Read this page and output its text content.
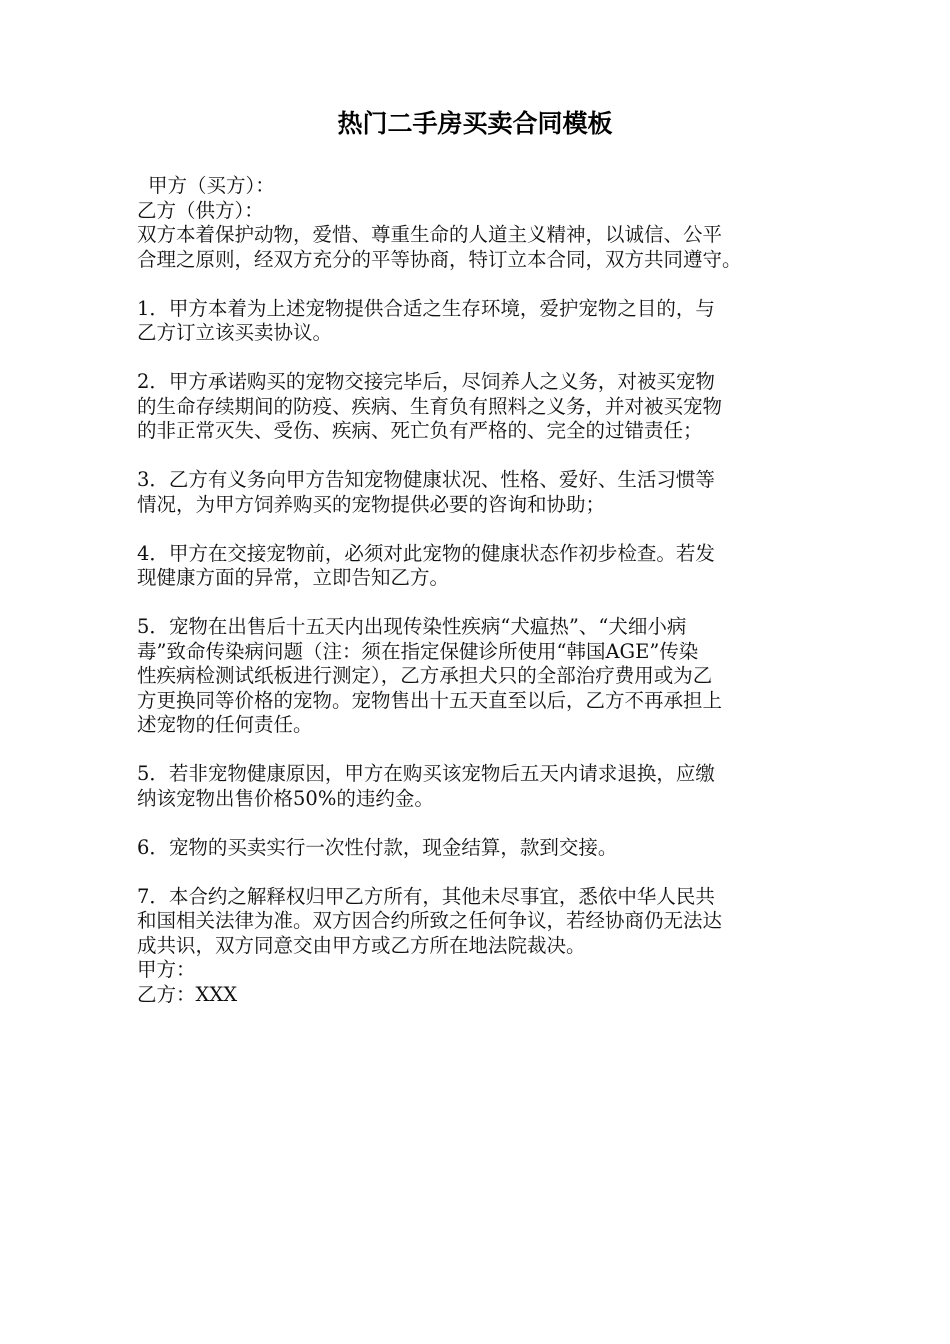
热门二手房买卖合同模板
甲方（买方）：
乙方（供方）：
双方本着保护动物，爱惜、尊重生命的人道主义精神，以诚信、公平
合理之原则，经双方充分的平等协商，特订立本合同，双方共同遵守。
1．甲方本着为上述宠物提供合适之生存环境，爱护宠物之目的，与
乙方订立该买卖协议。
2．甲方承诺购买的宠物交接完毕后，尽饲养人之义务，对被买宠物
的生命存续期间的防疫、疾病、生育负有照料之义务，并对被买宠物
的非正常灭失、受伤、疾病、死亡负有严格的、完全的过错责任；
3．乙方有义务向甲方告知宠物健康状况、性格、爱好、生活习惯等
情况，为甲方饲养购买的宠物提供必要的咨询和协助；
4．甲方在交接宠物前，必须对此宠物的健康状态作初步检查。若发
现健康方面的异常，立即告知乙方。
5．宠物在出售后十五天内出现传染性疾病“犬瘟热”、“犬细小病
毒”致命传染病问题（注：须在指定保健诊所使用“韩国AGE”传染
性疾病检测试纸板进行测定），乙方承担犬只的全部治疗费用或为乙
方更换同等价格的宠物。宠物售出十五天直至以后，乙方不再承担上
述宠物的任何责任。
5．若非宠物健康原因，甲方在购买该宠物后五天内请求退换，应缴
纳该宠物出售价格50%的违约金。
6．宠物的买卖实行一次性付款，现金结算，款到交接。
7．本合约之解释权归甲乙方所有，其他未尽事宜，悉依中华人民共
和国相关法律为准。双方因合约所致之任何争议，若经协商仍无法达
成共识，双方同意交由甲方或乙方所在地法院裁决。
甲方：
乙方：XXX
